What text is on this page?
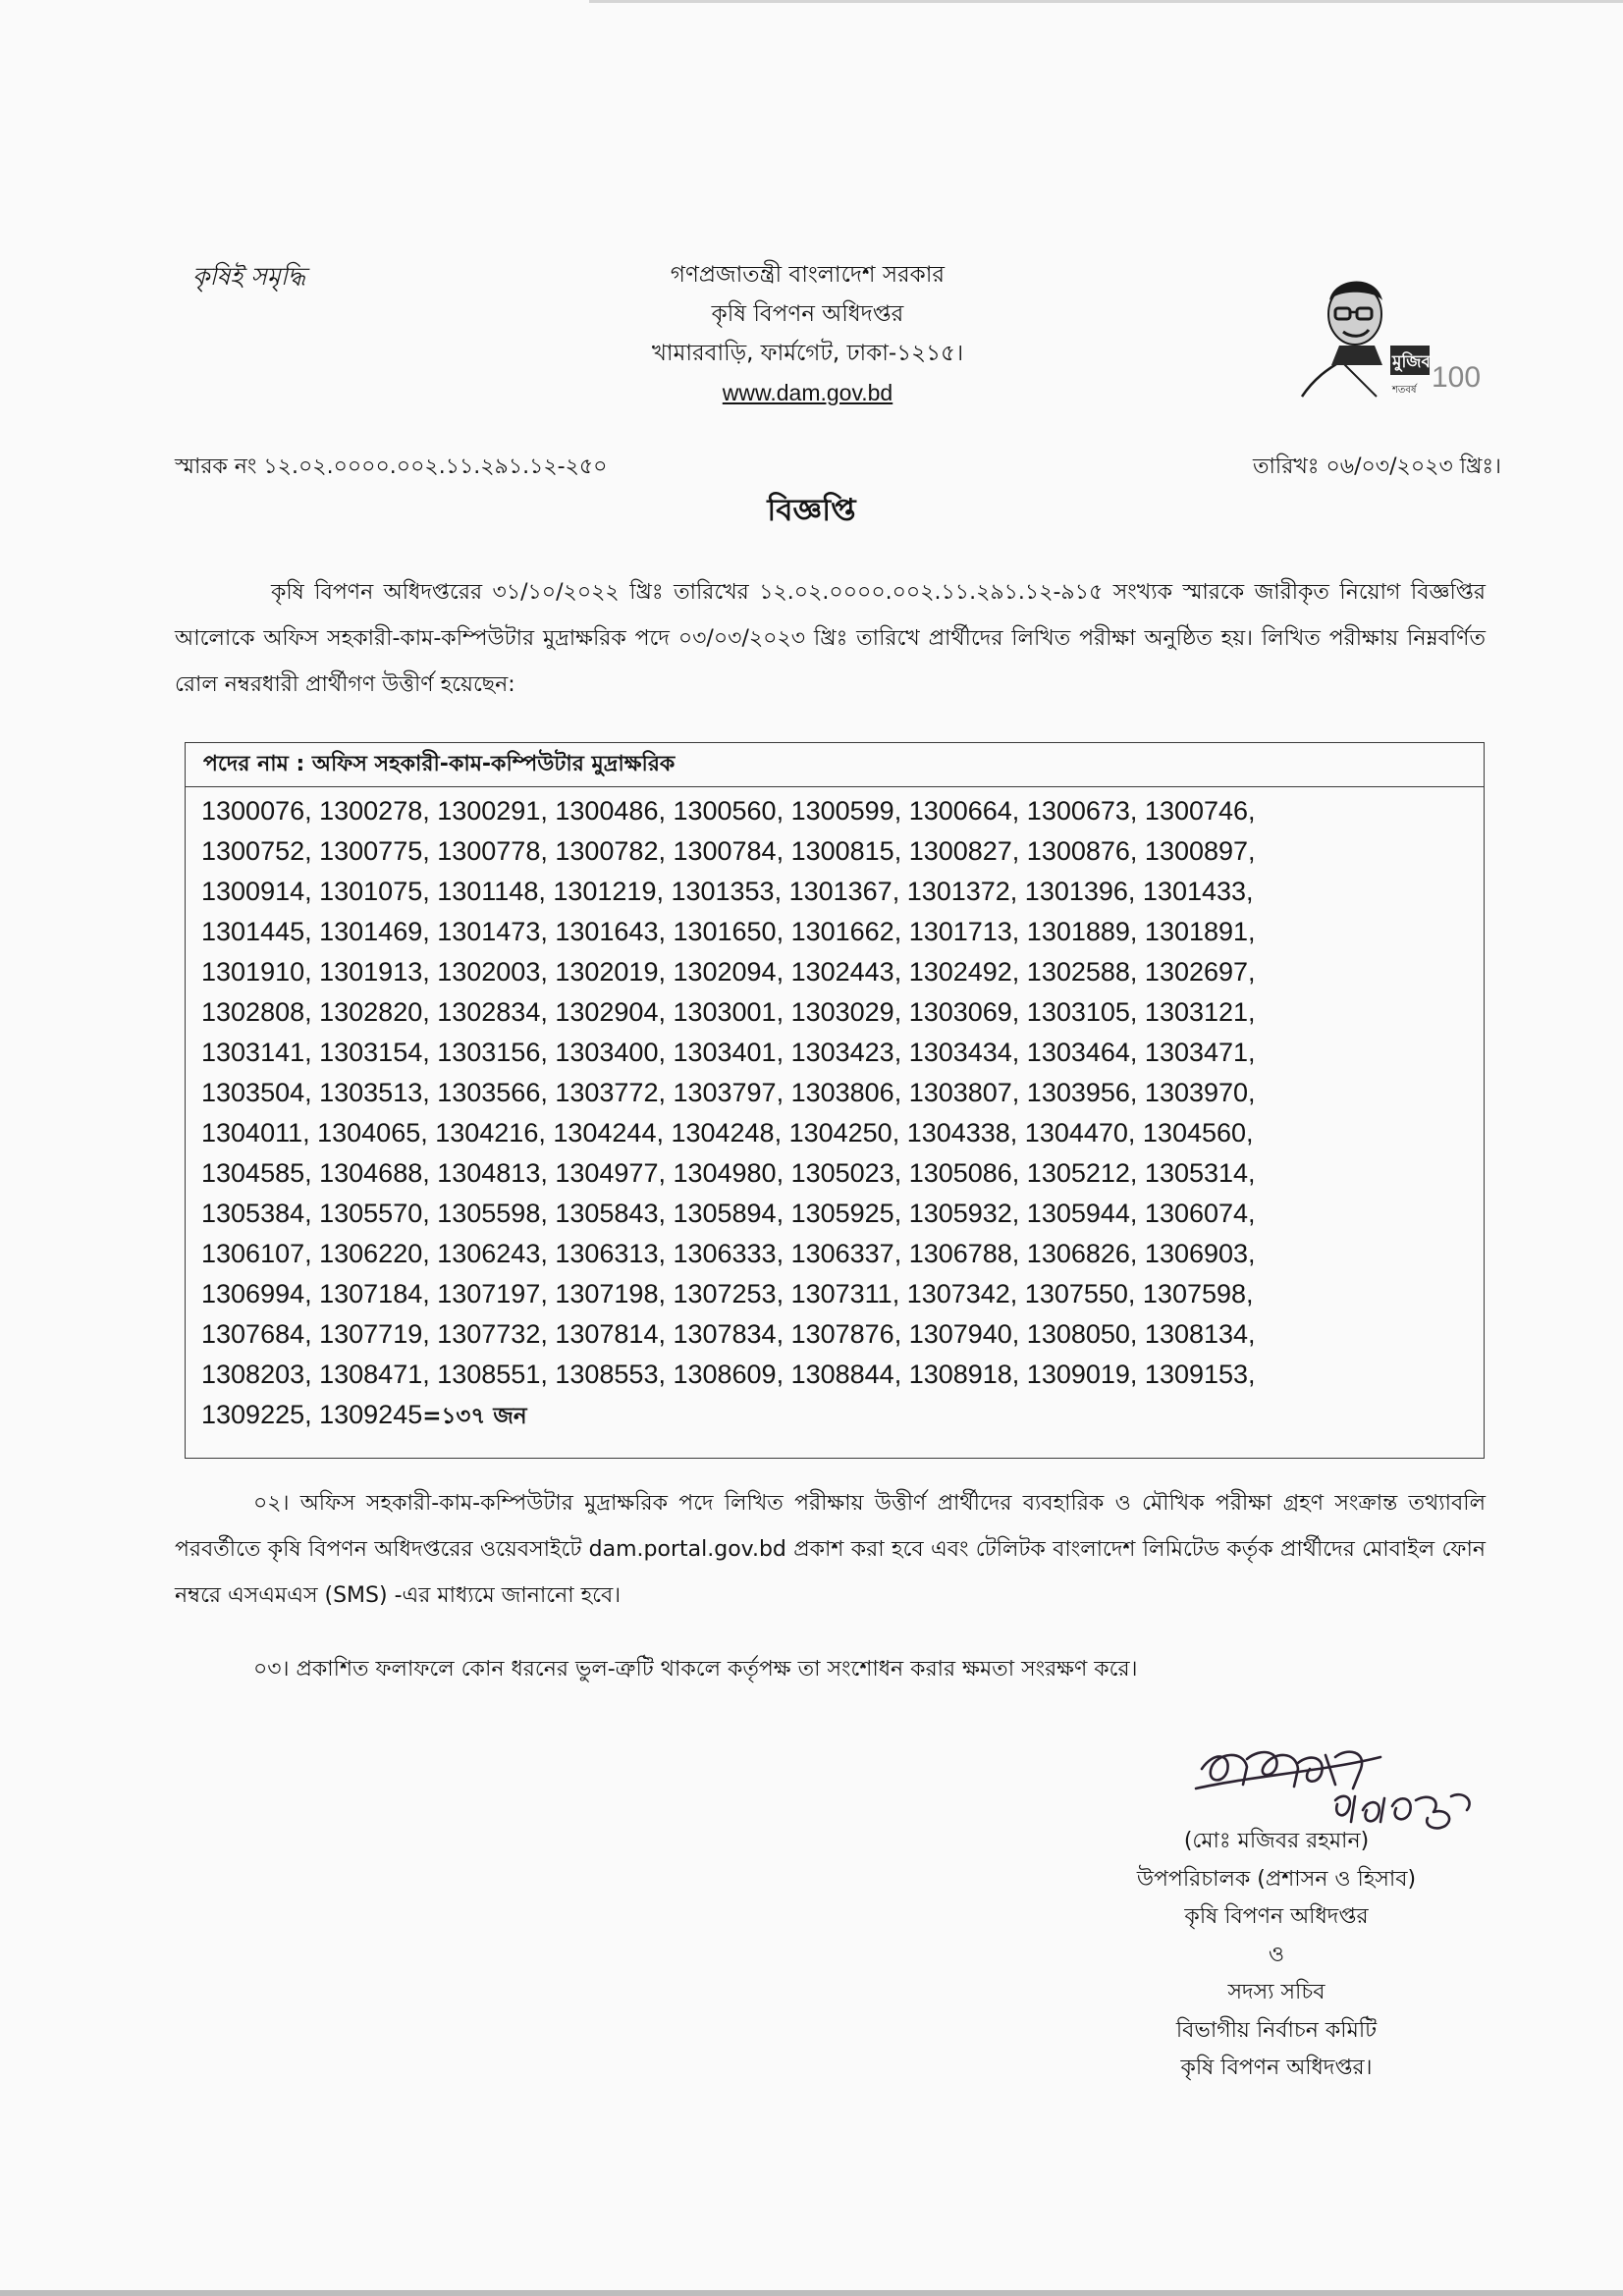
কৃষিই সমৃদ্ধি	গণপ্রজাতন্ত্রী বাংলাদেশ সরকার
কৃষি বিপণন অধিদপ্তর
খামারবাড়ি, ফার্মগেট, ঢাকা-১২১৫।
www.dam.gov.bd
মুজিব 100
শতবর্ষ
স্মারক নং ১২.০২.০০০০.০০২.১১.২৯১.১২-২৫০	তারিখঃ ০৬/০৩/২০২৩ খ্রিঃ।
বিজ্ঞপ্তি
কৃষি বিপণন অধিদপ্তরের ৩১/১০/২০২২ খ্রিঃ তারিখের ১২.০২.০০০০.০০২.১১.২৯১.১২-৯১৫ সংখ্যক স্মারকে জারীকৃত নিয়োগ বিজ্ঞপ্তির আলোকে অফিস সহকারী-কাম-কম্পিউটার মুদ্রাক্ষরিক পদে ০৩/০৩/২০২৩ খ্রিঃ তারিখে প্রার্থীদের লিখিত পরীক্ষা অনুষ্ঠিত হয়। লিখিত পরীক্ষায় নিম্নবর্ণিত রোল নম্বরধারী প্রার্থীগণ উত্তীর্ণ হয়েছেন:
পদের নাম : অফিস সহকারী-কাম-কম্পিউটার মুদ্রাক্ষরিক
1300076, 1300278, 1300291, 1300486, 1300560, 1300599, 1300664, 1300673, 1300746,
1300752, 1300775, 1300778, 1300782, 1300784, 1300815, 1300827, 1300876, 1300897,
1300914, 1301075, 1301148, 1301219, 1301353, 1301367, 1301372, 1301396, 1301433,
1301445, 1301469, 1301473, 1301643, 1301650, 1301662, 1301713, 1301889, 1301891,
1301910, 1301913, 1302003, 1302019, 1302094, 1302443, 1302492, 1302588, 1302697,
1302808, 1302820, 1302834, 1302904, 1303001, 1303029, 1303069, 1303105, 1303121,
1303141, 1303154, 1303156, 1303400, 1303401, 1303423, 1303434, 1303464, 1303471,
1303504, 1303513, 1303566, 1303772, 1303797, 1303806, 1303807, 1303956, 1303970,
1304011, 1304065, 1304216, 1304244, 1304248, 1304250, 1304338, 1304470, 1304560,
1304585, 1304688, 1304813, 1304977, 1304980, 1305023, 1305086, 1305212, 1305314,
1305384, 1305570, 1305598, 1305843, 1305894, 1305925, 1305932, 1305944, 1306074,
1306107, 1306220, 1306243, 1306313, 1306333, 1306337, 1306788, 1306826, 1306903,
1306994, 1307184, 1307197, 1307198, 1307253, 1307311, 1307342, 1307550, 1307598,
1307684, 1307719, 1307732, 1307814, 1307834, 1307876, 1307940, 1308050, 1308134,
1308203, 1308471, 1308551, 1308553, 1308609, 1308844, 1308918, 1309019, 1309153,
1309225, 1309245=১৩৭ জন
০২। অফিস সহকারী-কাম-কম্পিউটার মুদ্রাক্ষরিক পদে লিখিত পরীক্ষায় উত্তীর্ণ প্রার্থীদের ব্যবহারিক ও মৌখিক পরীক্ষা গ্রহণ সংক্রান্ত তথ্যাবলি পরবর্তীতে কৃষি বিপণন অধিদপ্তরের ওয়েবসাইটে dam.portal.gov.bd প্রকাশ করা হবে এবং টেলিটক বাংলাদেশ লিমিটেড কর্তৃক প্রার্থীদের মোবাইল ফোন নম্বরে এসএমএস (SMS) -এর মাধ্যমে জানানো হবে।
০৩। প্রকাশিত ফলাফলে কোন ধরনের ভুল-ত্রুটি থাকলে কর্তৃপক্ষ তা সংশোধন করার ক্ষমতা সংরক্ষণ করে।
(মোঃ মজিবর রহমান)
উপপরিচালক (প্রশাসন ও হিসাব)
কৃষি বিপণন অধিদপ্তর
ও
সদস্য সচিব
বিভাগীয় নির্বাচন কমিটি
কৃষি বিপণন অধিদপ্তর।
